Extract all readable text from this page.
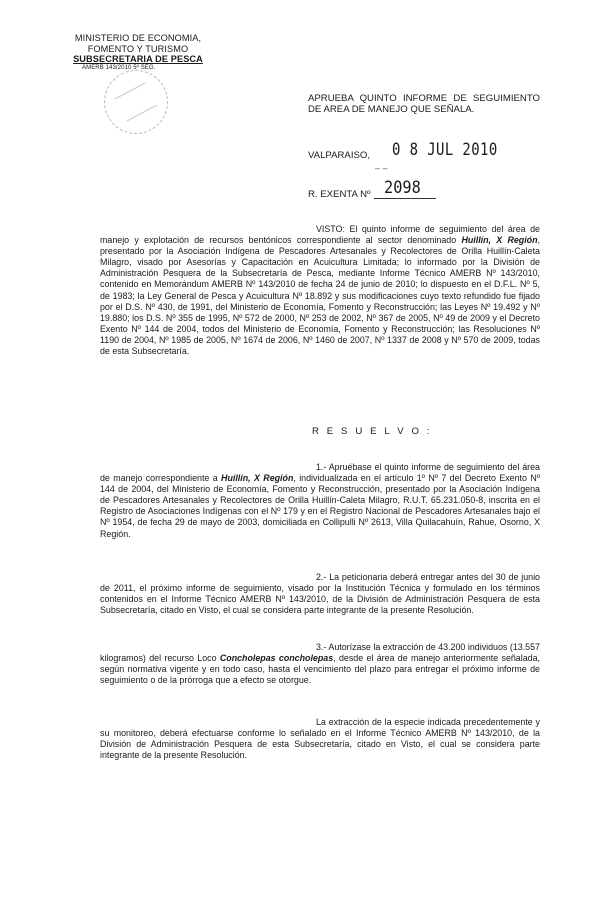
MINISTERIO DE ECONOMIA,
FOMENTO Y TURISMO
SUBSECRETARIA DE PESCA
AMERB 143/2010 5º SEG.
APRUEBA QUINTO INFORME DE SEGUIMIENTO DE AREA DE MANEJO QUE SEÑALA.
VALPARAISO, 0 8 JUL 2010
– –
R. EXENTA Nº 2098

VISTO: El quinto informe de seguimiento del área de manejo y explotación de recursos bentónicos correspondiente al sector denominado Huillín, X Región, presentado por la Asociación Indígena de Pescadores Artesanales y Recolectores de Orilla Huillín-Caleta Milagro, visado por Asesorías y Capacitación en Acuicultura Limitada; lo informado por la División de Administración Pesquera de la Subsecretaría de Pesca, mediante Informe Técnico AMERB Nº 143/2010, contenido en Memorándum AMERB Nº 143/2010 de fecha 24 de junio de 2010; lo dispuesto en el D.F.L. Nº 5, de 1983; la Ley General de Pesca y Acuicultura Nº 18.892 y sus modificaciones cuyo texto refundido fue fijado por el D.S. Nº 430, de 1991, del Ministerio de Economía, Fomento y Reconstrucción; las Leyes Nº 19.492 y Nº 19.880; los D.S. Nº 355 de 1995, Nº 572 de 2000, Nº 253 de 2002, Nº 367 de 2005, Nº 49 de 2009 y el Decreto Exento Nº 144 de 2004, todos del Ministerio de Economía, Fomento y Reconstrucción; las Resoluciones Nº 1190 de 2004, Nº 1985 de 2005, Nº 1674 de 2006, Nº 1460 de 2007, Nº 1337 de 2008 y Nº 570 de 2009, todas de esta Subsecretaría.

R E S U E L V O :

1.- Apruébase el quinto informe de seguimiento del área de manejo correspondiente a Huillín, X Región, individualizada en el artículo 1º Nº 7 del Decreto Exento Nº 144 de 2004, del Ministerio de Economía, Fomento y Reconstrucción, presentado por la Asociación Indígena de Pescadores Artesanales y Recolectores de Orilla Huillín-Caleta Milagro, R.U.T. 65.231.050-8, inscrita en el Registro de Asociaciones Indígenas con el Nº 179 y en el Registro Nacional de Pescadores Artesanales bajo el Nº 1954, de fecha 29 de mayo de 2003, domiciliada en Collipulli Nº 2613, Villa Quilacahuín, Rahue, Osorno, X Región.

2.- La peticionaria deberá entregar antes del 30 de junio de 2011, el próximo informe de seguimiento, visado por la Institución Técnica y formulado en los términos contenidos en el Informe Técnico AMERB Nº 143/2010, de la División de Administración Pesquera de esta Subsecretaría, citado en Visto, el cual se considera parte integrante de la presente Resolución.

3.- Autorízase la extracción de 43.200 individuos (13.557 kilogramos) del recurso Loco Concholepas concholepas, desde el área de manejo anteriormente señalada, según normativa vigente y en todo caso, hasta el vencimiento del plazo para entregar el próximo informe de seguimiento o de la prórroga que a efecto se otorgue.

La extracción de la especie indicada precedentemente y su monitoreo, deberá efectuarse conforme lo señalado en el Informe Técnico AMERB Nº 143/2010, de la División de Administración Pesquera de esta Subsecretaría, citado en Visto, el cual se considera parte integrante de la presente Resolución.
